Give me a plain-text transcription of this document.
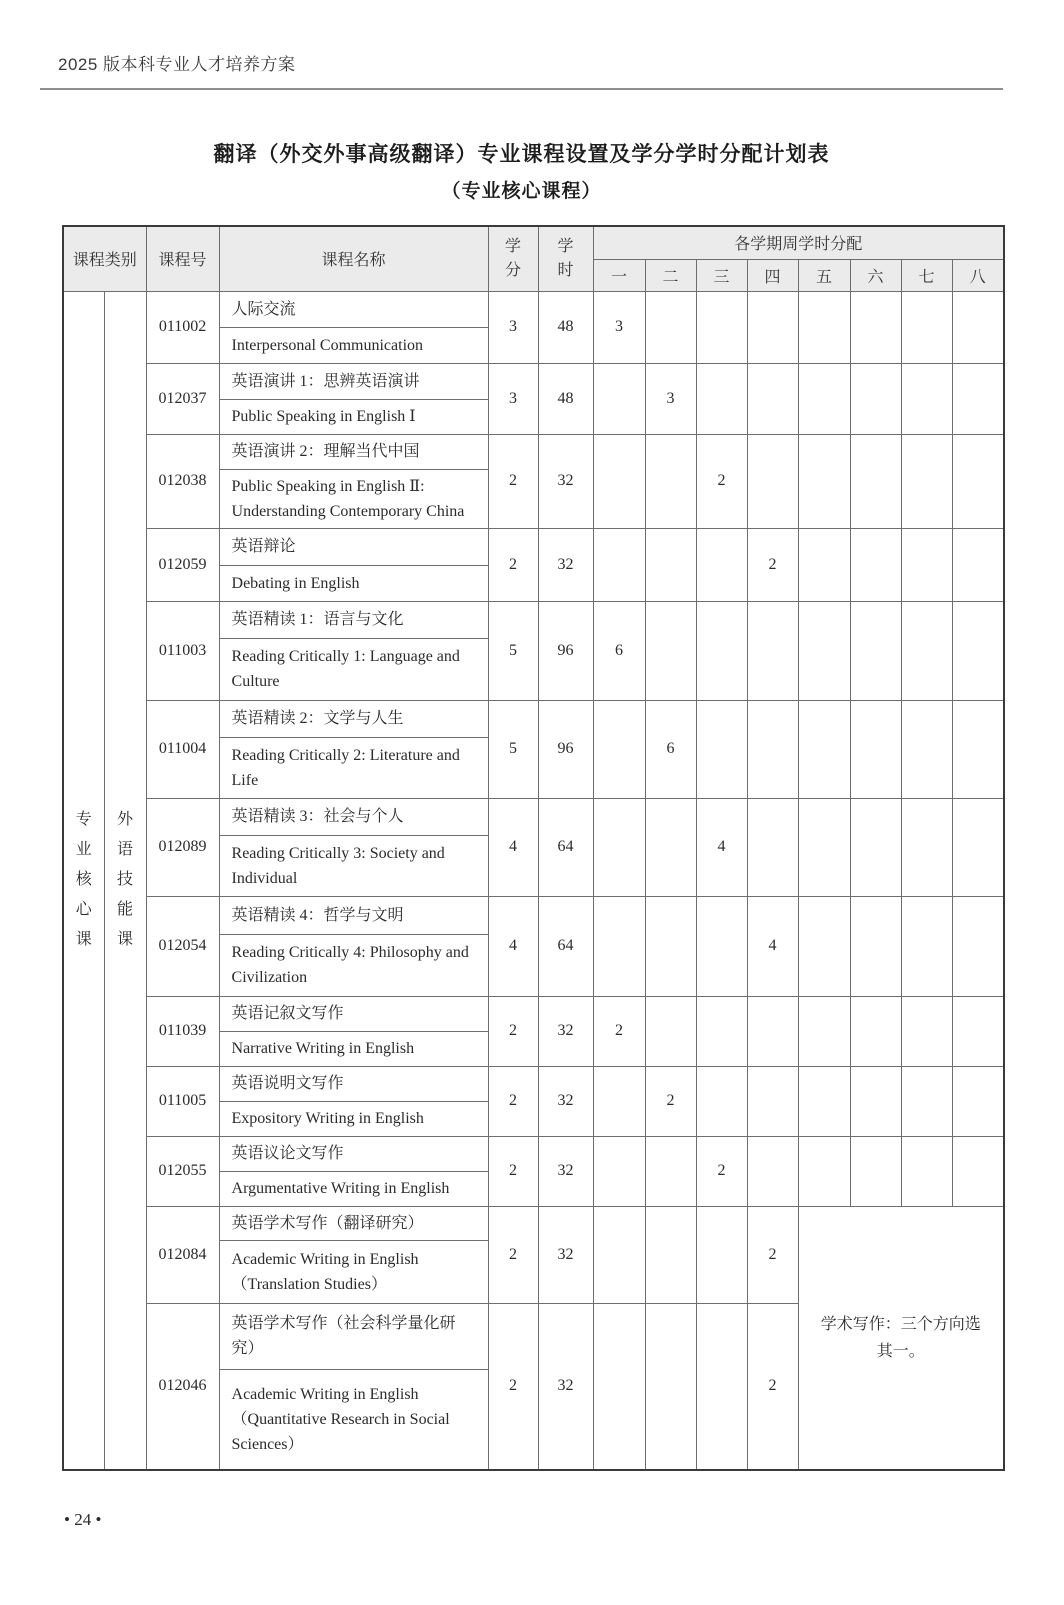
2025 版本科专业人才培养方案
翻译（外交外事高级翻译）专业课程设置及学分学时分配计划表
（专业核心课程）
课程类别		课程号	课程名称	学分	学时	各学期周学时分配							
						一	二	三	四	五	六	七	八
专业核心课	外语技能课	011002	人际交流	3	48	3							
			Interpersonal Communication										
		012037	英语演讲 1：思辨英语演讲	3	48		3						
			Public Speaking in English Ⅰ										
		012038	英语演讲 2：理解当代中国	2	32			2					
			Public Speaking in English Ⅱ: Understanding Contemporary China										
		012059	英语辩论	2	32				2				
			Debating in English										
		011003	英语精读 1：语言与文化	5	96	6							
			Reading Critically 1: Language and Culture										
		011004	英语精读 2：文学与人生	5	96		6						
			Reading Critically 2: Literature and Life										
		012089	英语精读 3：社会与个人	4	64			4					
			Reading Critically 3: Society and Individual										
		012054	英语精读 4：哲学与文明	4	64				4				
			Reading Critically 4: Philosophy and Civilization										
		011039	英语记叙文写作	2	32	2							
			Narrative Writing in English										
		011005	英语说明文写作	2	32		2						
			Expository Writing in English										
		012055	英语议论文写作	2	32			2					
			Argumentative Writing in English										
		012084	英语学术写作（翻译研究）	2	32				2	学术写作：三个方向选其一。			
			Academic Writing in English（Translation Studies）										
		012046	英语学术写作（社会科学量化研究）	2	32				2				
			Academic Writing in English（Quantitative Research in Social Sciences）										
• 24 •
